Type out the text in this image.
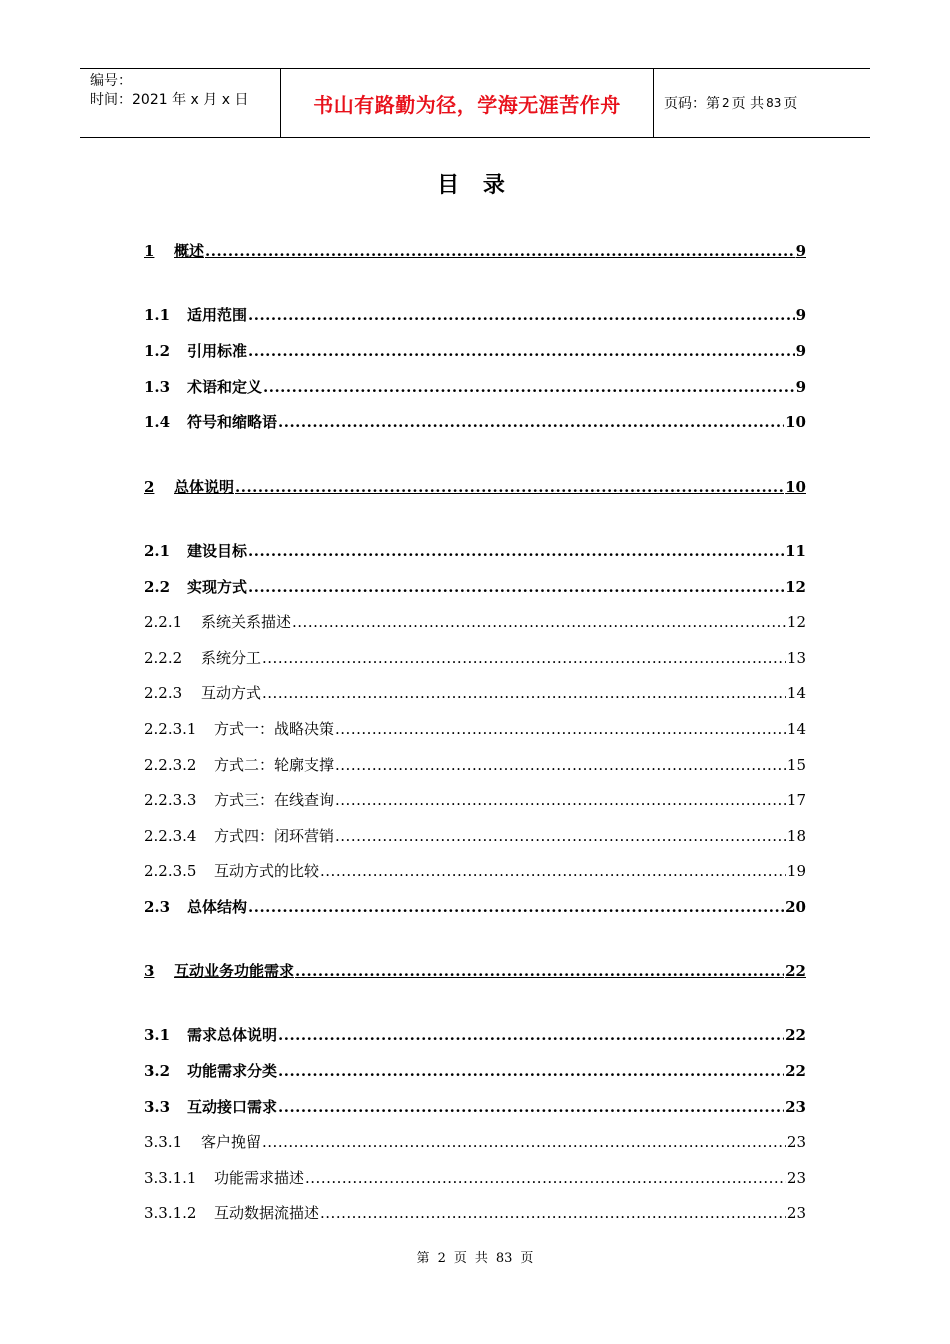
编号：
时间：2021 年 x 月 x 日	书山有路勤为径，学海无涯苦作舟	页码：第 2 页 共 83 页
目 录
1	概述 .....	9
1.1	适用范围 .....	9
1.2	引用标准 .....	9
1.3	术语和定义 .....	9
1.4	符号和缩略语 .....	10
2	总体说明 .....	10
2.1	建设目标 .....	11
2.2	实现方式 .....	12
2.2.1	系统关系描述 .....	12
2.2.2	系统分工 .....	13
2.2.3	互动方式 .....	14
2.2.3.1	方式一：战略决策 .....	14
2.2.3.2	方式二：轮廓支撑 .....	15
2.2.3.3	方式三：在线查询 .....	17
2.2.3.4	方式四：闭环营销 .....	18
2.2.3.5	互动方式的比较 .....	19
2.3	总体结构 .....	20
3	互动业务功能需求 .....	22
3.1	需求总体说明 .....	22
3.2	功能需求分类 .....	22
3.3	互动接口需求 .....	23
3.3.1	客户挽留 .....	23
3.3.1.1	功能需求描述 .....	23
3.3.1.2	互动数据流描述 .....	23
第 2 页 共 83 页
